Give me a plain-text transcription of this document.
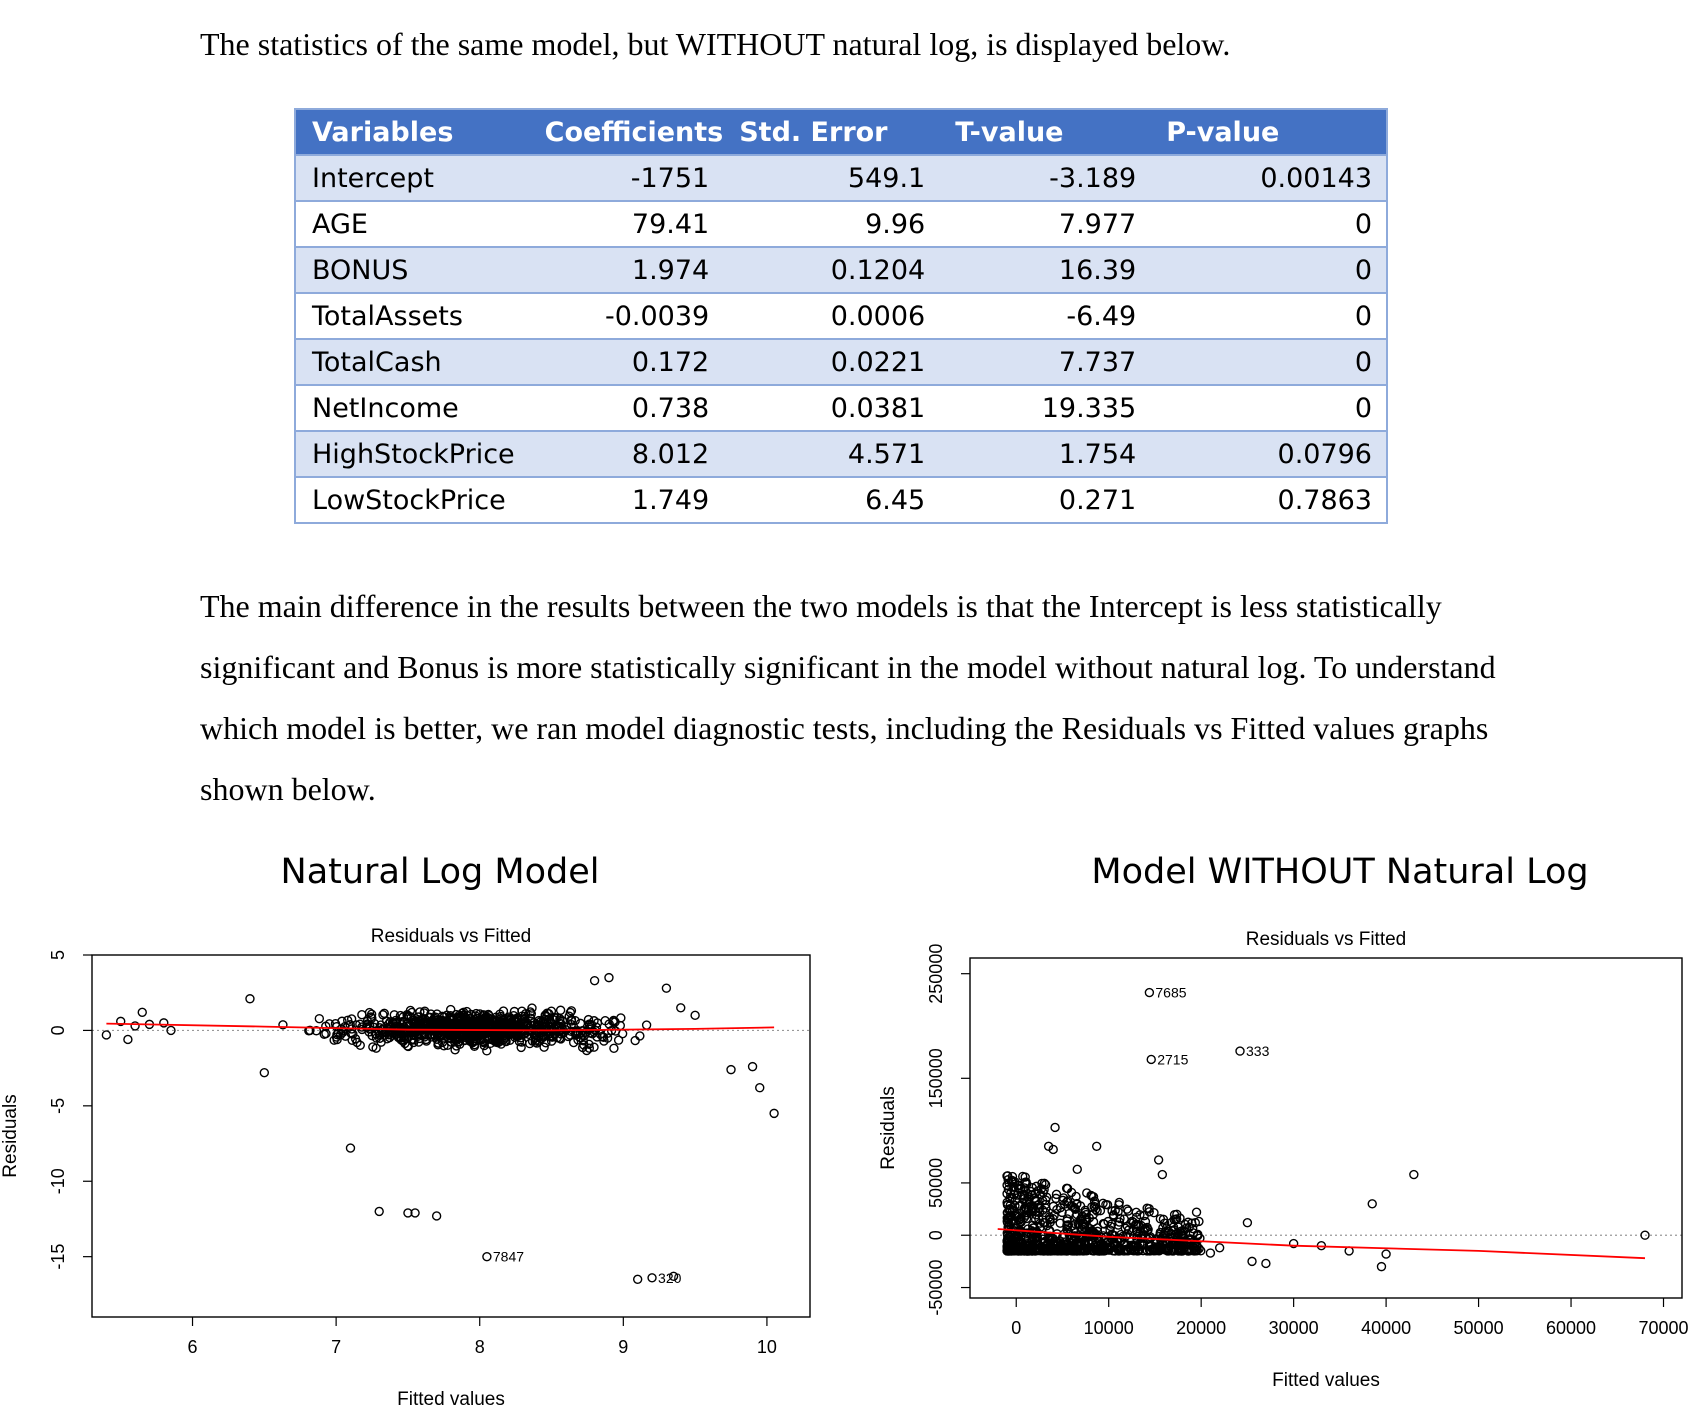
The statistics of the same model, but WITHOUT natural log, is displayed below.

Variables	Coefficients	Std. Error	T-value	P-value
Intercept	-1751	549.1	-3.189	0.00143
AGE	79.41	9.96	7.977	0
BONUS	1.974	0.1204	16.39	0
TotalAssets	-0.0039	0.0006	-6.49	0
TotalCash	0.172	0.0221	7.737	0
NetIncome	0.738	0.0381	19.335	0
HighStockPrice	8.012	4.571	1.754	0.0796
LowStockPrice	1.749	6.45	0.271	0.7863

The main difference in the results between the two models is that the Intercept is less statistically significant and Bonus is more statistically significant in the model without natural log. To understand which model is better, we ran model diagnostic tests, including the Residuals vs Fitted values graphs shown below.

Natural Log Model	Model WITHOUT Natural Log
Residuals vs Fitted
Fitted values
Residuals
7847
320
6	7	8	9	10
5
0
-5
-10
-15
Residuals vs Fitted
Fitted values
Residuals
7685
2715
333
0	10000 20000 30000 40000 50000 60000 70000
-50000
0
50000
150000
250000
